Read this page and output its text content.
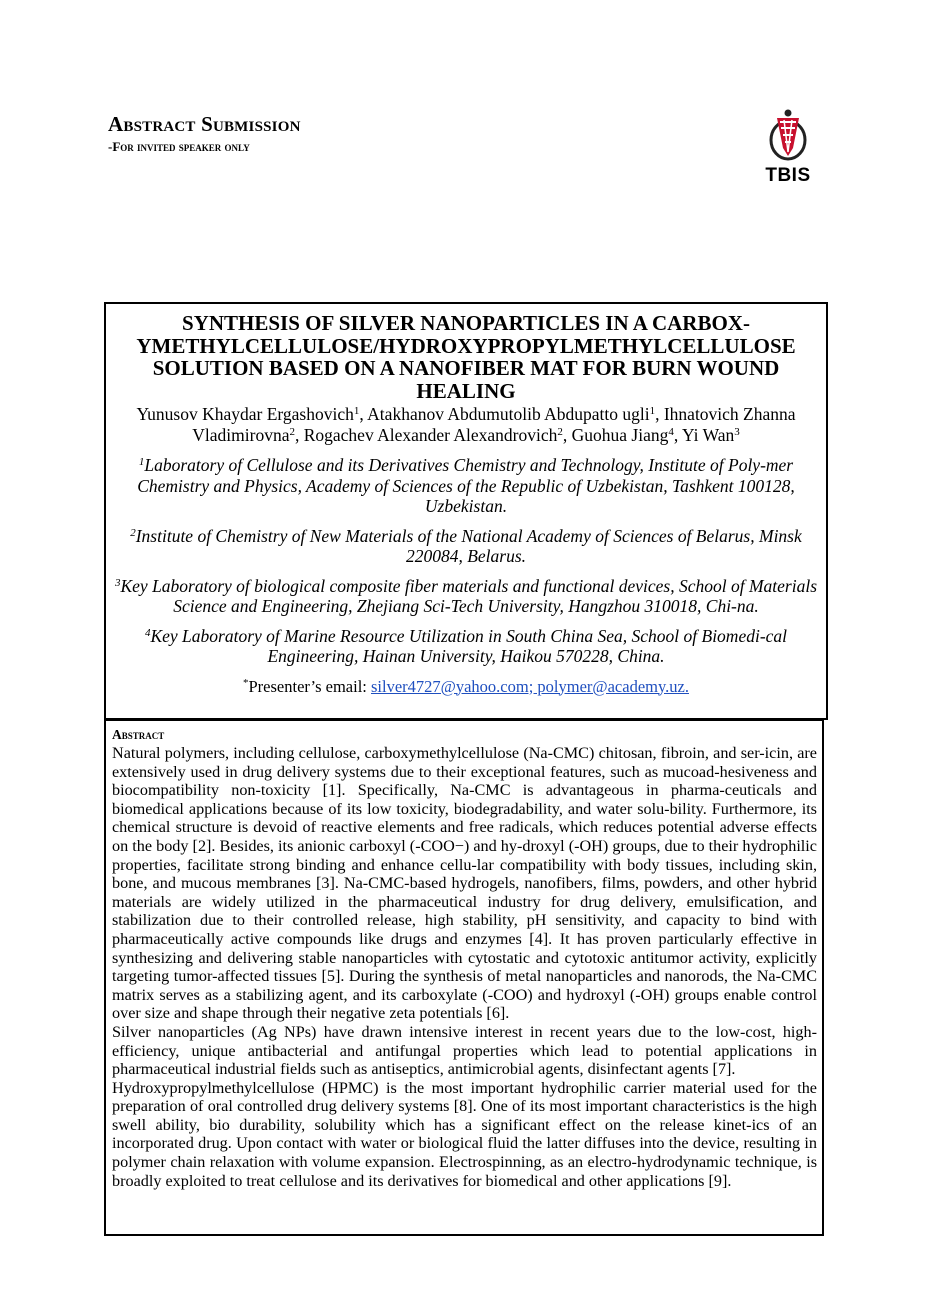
Abstract Submission
-For invited speaker only
TBIS
SYNTHESIS OF SILVER NANOPARTICLES IN A CARBOX-YMETHYLCELLULOSE/HYDROXYPROPYLMETHYLCELLULOSE SOLUTION BASED ON A NANOFIBER MAT FOR BURN WOUND HEALING
Yunusov Khaydar Ergashovich$^1$, Atakhanov Abdumutolib Abdupatto ugli$^1$, Ihnatovich Zhanna Vladimirovna$^2$, Rogachev Alexander Alexandrovich$^2$, Guohua Jiang$^4$, Yi Wan$^3$
$^1$Laboratory of Cellulose and its Derivatives Chemistry and Technology, Institute of Poly-mer Chemistry and Physics, Academy of Sciences of the Republic of Uzbekistan, Tashkent 100128, Uzbekistan.
$^2$Institute of Chemistry of New Materials of the National Academy of Sciences of Belarus, Minsk 220084, Belarus.
$^3$Key Laboratory of biological composite fiber materials and functional devices, School of Materials Science and Engineering, Zhejiang Sci-Tech University, Hangzhou 310018, Chi-na.
$^4$Key Laboratory of Marine Resource Utilization in South China Sea, School of Biomedi-cal Engineering, Hainan University, Haikou 570228, China.
*Presenter’s email: silver4727@yahoo.com; polymer@academy.uz.
Abstract

Natural polymers, including cellulose, carboxymethylcellulose (Na-CMC) chitosan, fibroin, and ser-icin, are extensively used in drug delivery systems due to their exceptional features, such as mucoad-hesiveness and biocompatibility non-toxicity [1]. Specifically, Na-CMC is advantageous in pharma-ceuticals and biomedical applications because of its low toxicity, biodegradability, and water solu-bility. Furthermore, its chemical structure is devoid of reactive elements and free radicals, which reduces potential adverse effects on the body [2]. Besides, its anionic carboxyl (-COO−) and hy-droxyl (-OH) groups, due to their hydrophilic properties, facilitate strong binding and enhance cellu-lar compatibility with body tissues, including skin, bone, and mucous membranes [3]. Na-CMC-based hydrogels, nanofibers, films, powders, and other hybrid materials are widely utilized in the pharmaceutical industry for drug delivery, emulsification, and stabilization due to their controlled release, high stability, pH sensitivity, and capacity to bind with pharmaceutically active compounds like drugs and enzymes [4]. It has proven particularly effective in synthesizing and delivering stable nanoparticles with cytostatic and cytotoxic antitumor activity, explicitly targeting tumor-affected tissues [5]. During the synthesis of metal nanoparticles and nanorods, the Na-CMC matrix serves as a stabilizing agent, and its carboxylate (-COO) and hydroxyl (-OH) groups enable control over size and shape through their negative zeta potentials [6].

Silver nanoparticles (Ag NPs) have drawn intensive interest in recent years due to the low-cost, high-efficiency, unique antibacterial and antifungal properties which lead to potential applications in pharmaceutical industrial fields such as antiseptics, antimicrobial agents, disinfectant agents [7].

Hydroxypropylmethylcellulose (HPMC) is the most important hydrophilic carrier material used for the preparation of oral controlled drug delivery systems [8]. One of its most important characteristics is the high swell ability, bio durability, solubility which has a significant effect on the release kinet-ics of an incorporated drug. Upon contact with water or biological fluid the latter diffuses into the device, resulting in polymer chain relaxation with volume expansion. Electrospinning, as an electro-hydrodynamic technique, is broadly exploited to treat cellulose and its derivatives for biomedical and other applications [9].
